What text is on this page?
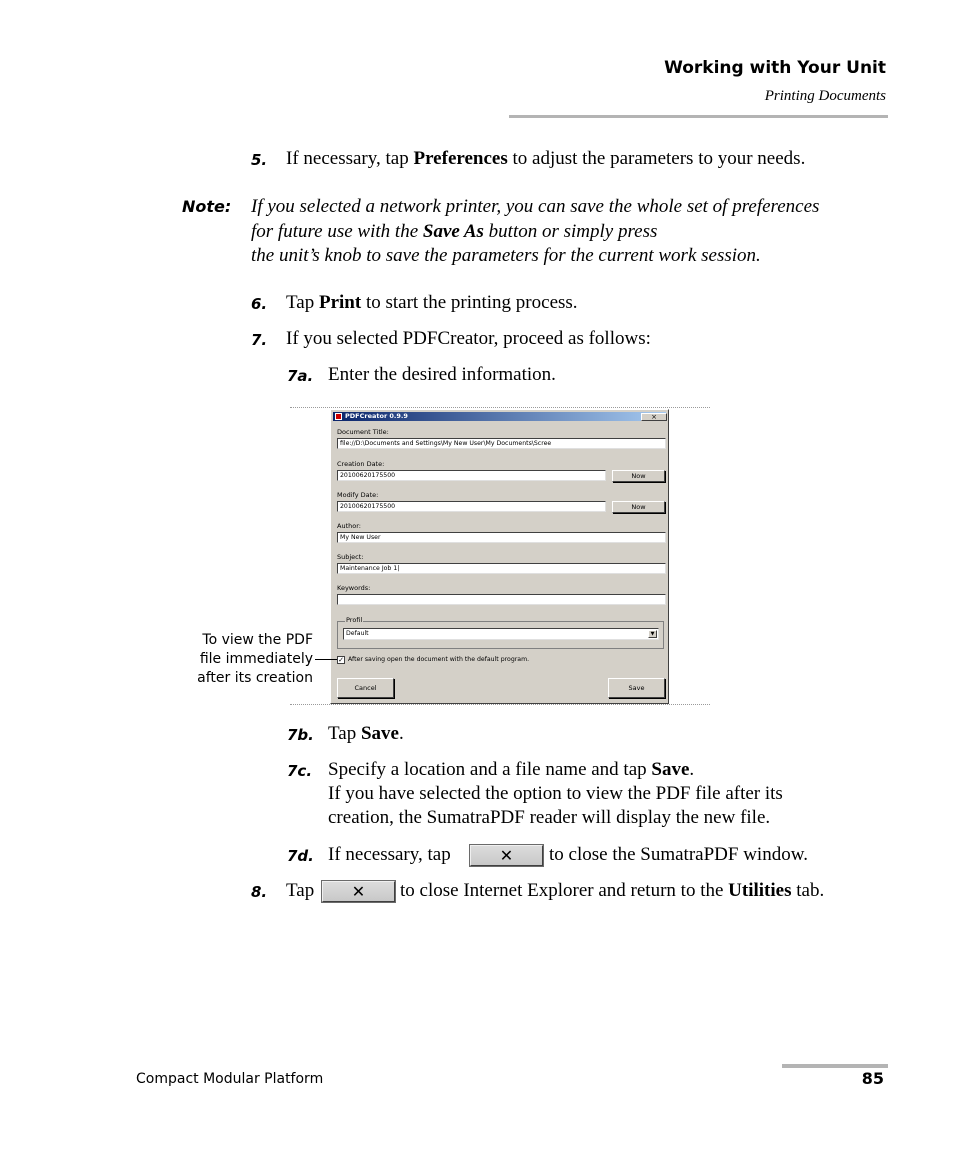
Working with Your Unit
Printing Documents
5. If necessary, tap Preferences to adjust the parameters to your needs.
Note: If you selected a network printer, you can save the whole set of preferences
for future use with the Save As button or simply press
the unit’s knob to save the parameters for the current work session.
6. Tap Print to start the printing process.
7. If you selected PDFCreator, proceed as follows:
7a. Enter the desired information.
PDFCreator 0.9.9	×
Document Title:
file://D:\Documents and Settings\My New User\My Documents\Scree
Creation Date:
20100620175500	Now
Modify Date:
20100620175500	Now
Author:
My New User
Subject:
Maintenance Job 1|
Keywords:
Profil
Default	▼
✓ After saving open the document with the default program.
Cancel	Save
To view the PDF
file immediately
after its creation
7b. Tap Save.
7c. Specify a location and a file name and tap Save.
If you have selected the option to view the PDF file after its
creation, the SumatraPDF reader will display the new file.
7d. If necessary, tap	✕	to close the SumatraPDF window.
8. Tap	✕	to close Internet Explorer and return to the Utilities tab.
Compact Modular Platform	85
